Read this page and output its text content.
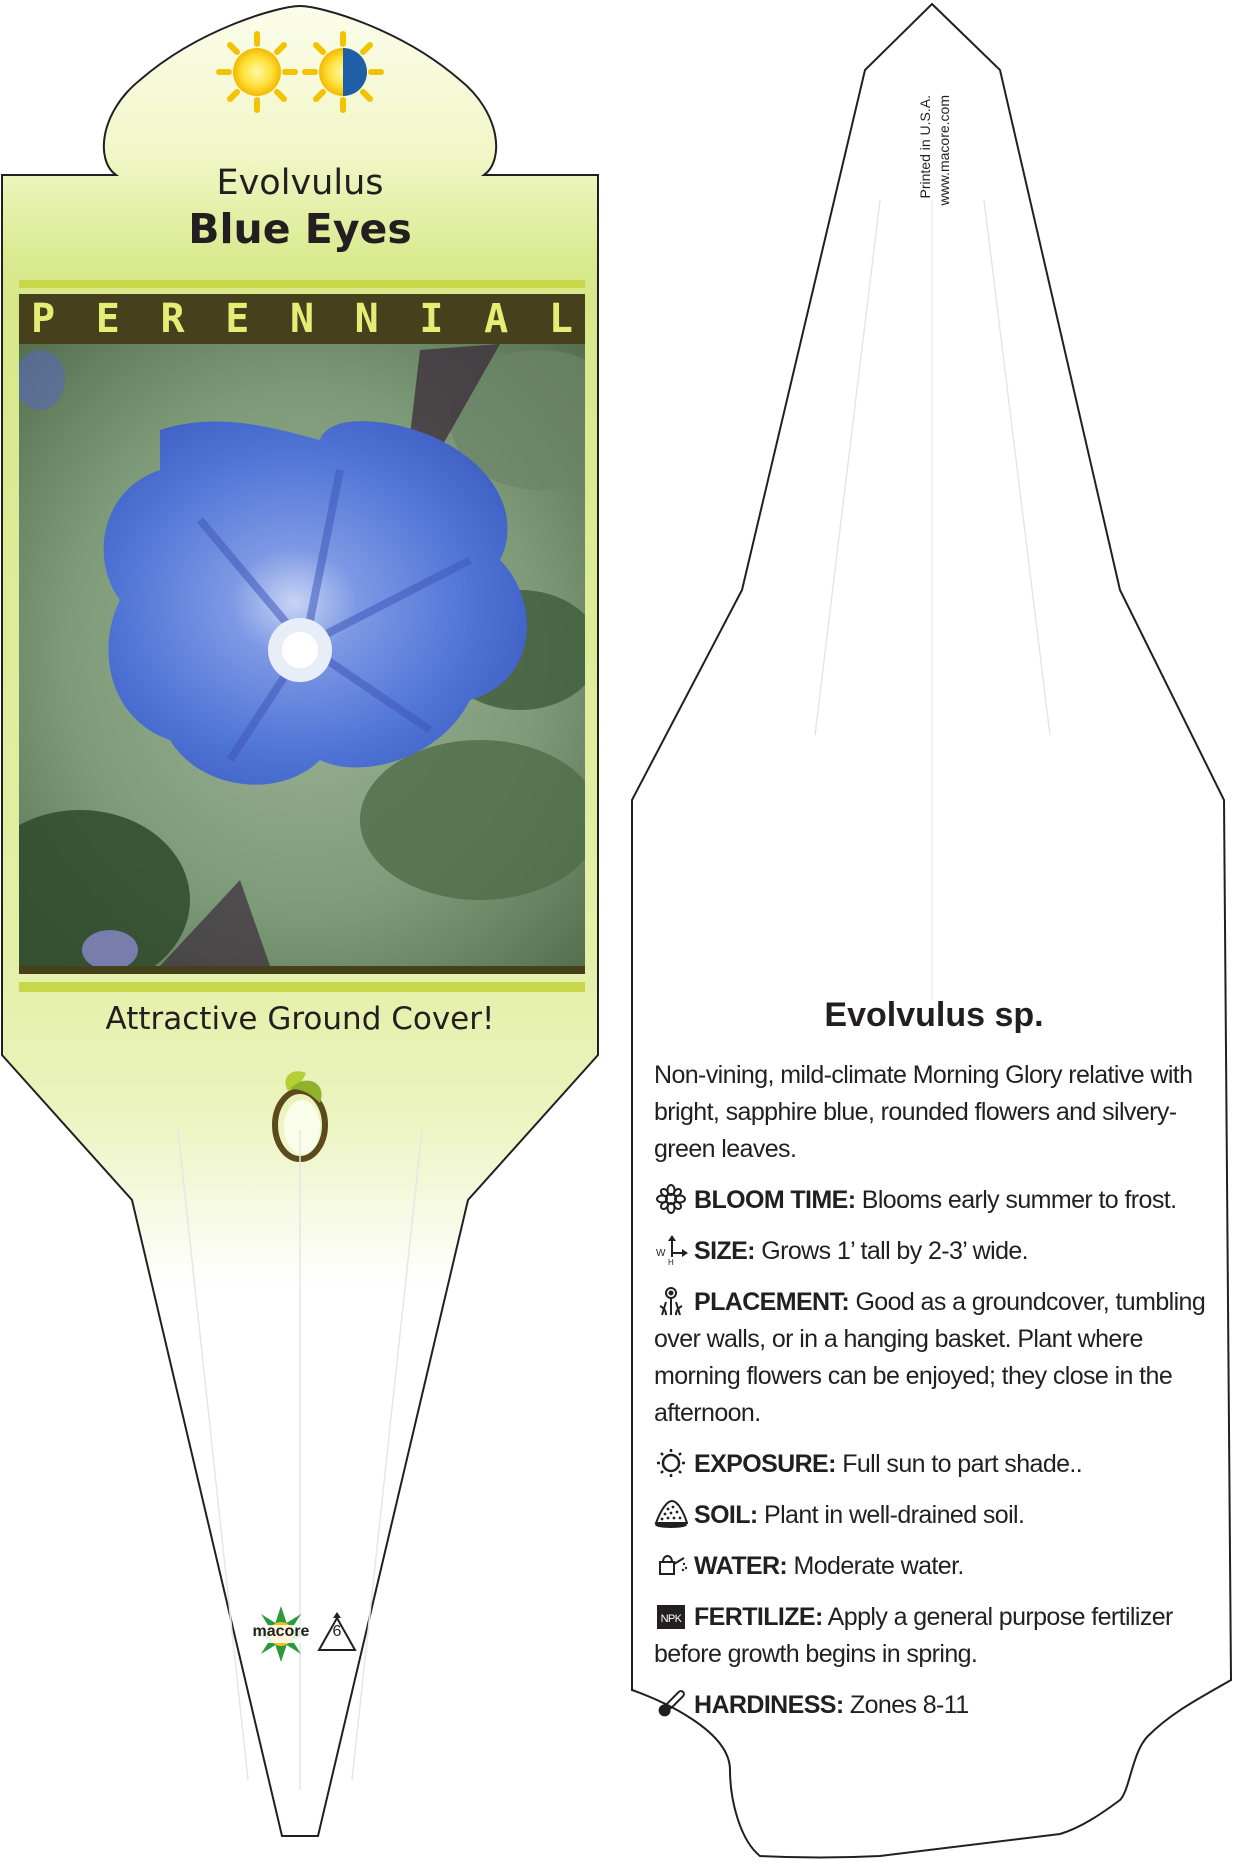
Evolvulus
Blue Eyes
P E R E N N I A L
Attractive Ground Cover!
macore	6
Printed in U.S.A. www.macore.com
Evolvulus sp.

Non-vining, mild-climate Morning Glory relative with bright, sapphire blue, rounded flowers and silvery-green leaves.

BLOOM TIME: Blooms early summer to frost.
W
H SIZE: Grows 1’ tall by 2-3’ wide.
PLACEMENT: Good as a groundcover, tumbling over walls, or in a hanging basket. Plant where morning flowers can be enjoyed; they close in the afternoon.
EXPOSURE: Full sun to part shade..
SOIL: Plant in well-drained soil.
WATER: Moderate water.
NPK FERTILIZE: Apply a general purpose fertilizer before growth begins in spring.
HARDINESS: Zones 8-11
